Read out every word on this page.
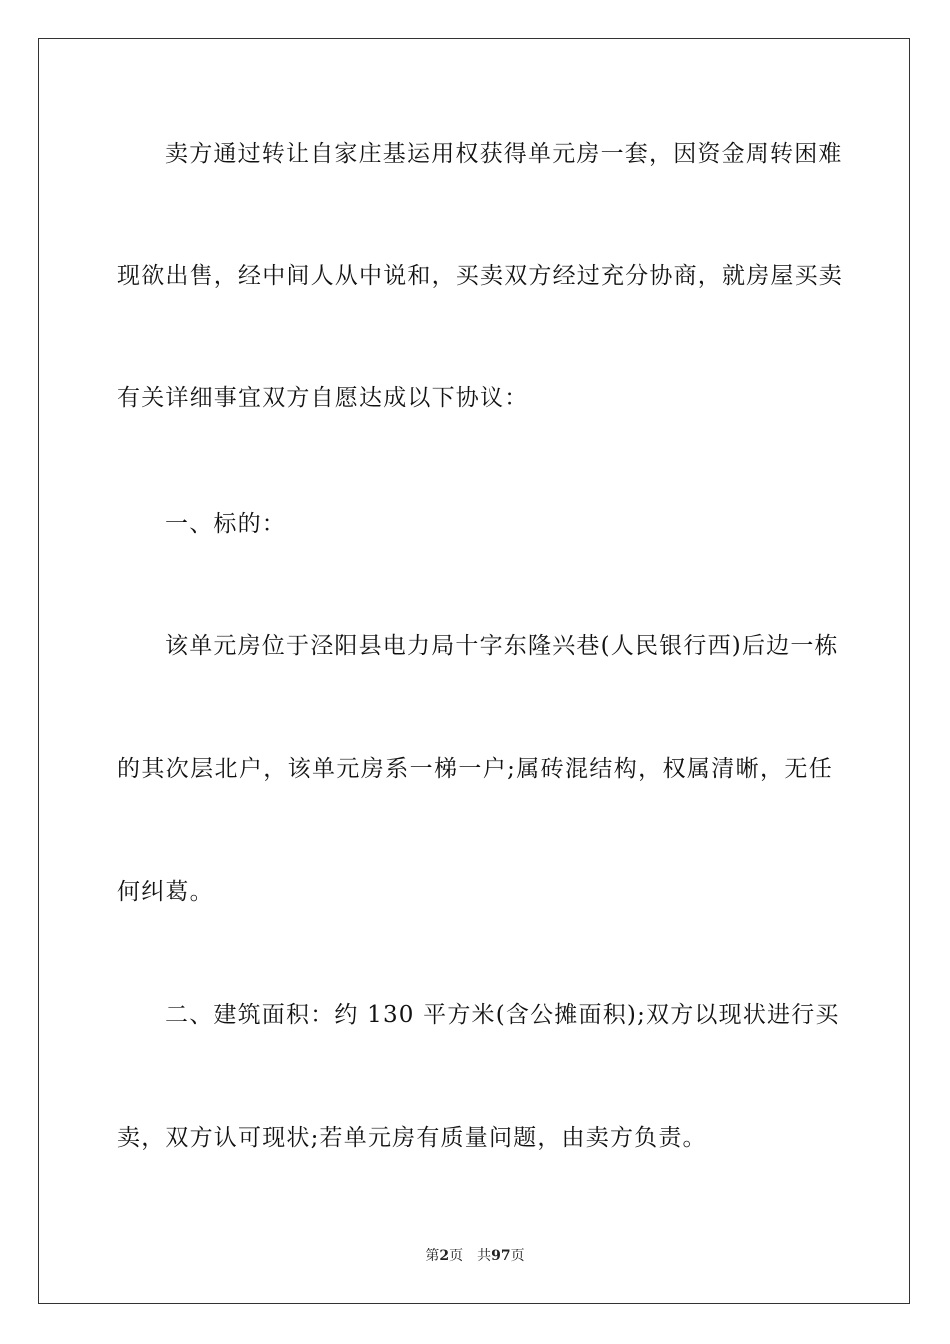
卖方通过转让自家庄基运用权获得单元房一套，因资金周转困难
现欲出售，经中间人从中说和，买卖双方经过充分协商，就房屋买卖
有关详细事宜双方自愿达成以下协议：
一、标的：
该单元房位于泾阳县电力局十字东隆兴巷(人民银行西)后边一栋
的其次层北户，该单元房系一梯一户;属砖混结构，权属清晰，无任
何纠葛。
二、建筑面积：约 130 平方米(含公摊面积);双方以现状进行买
卖，双方认可现状;若单元房有质量问题，由卖方负责。
第2页 共97页
